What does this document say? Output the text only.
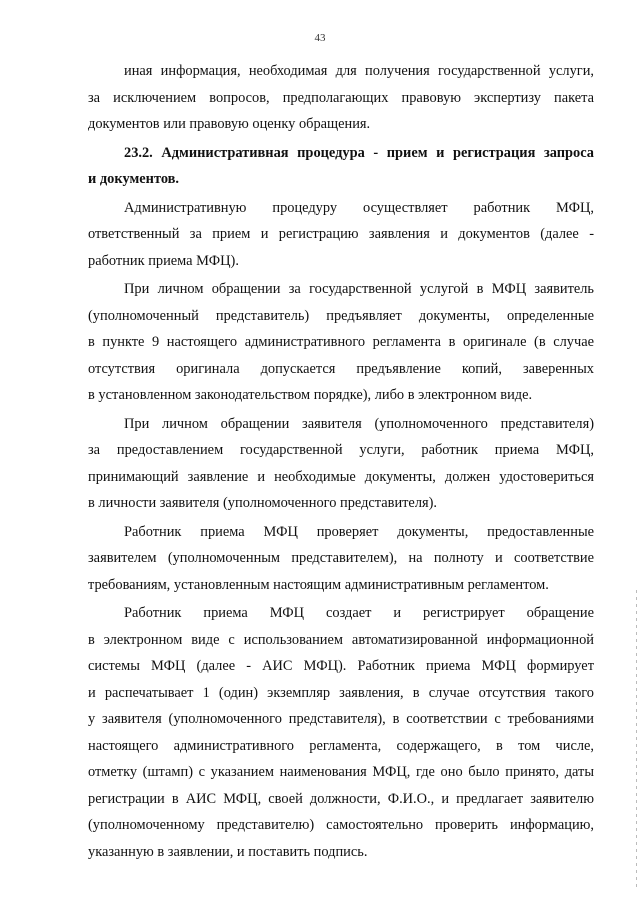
43
иная информация, необходимая для получения государственной услуги,
за исключением вопросов, предполагающих правовую экспертизу пакета
документов или правовую оценку обращения.
23.2. Административная процедура - прием и регистрация запроса
и документов.
Административную процедуру осуществляет работник МФЦ,
ответственный за прием и регистрацию заявления и документов (далее -
работник приема МФЦ).
При личном обращении за государственной услугой в МФЦ заявитель
(уполномоченный представитель) предъявляет документы, определенные
в пункте 9 настоящего административного регламента в оригинале (в случае
отсутствия оригинала допускается предъявление копий, заверенных
в установленном законодательством порядке), либо в электронном виде.
При личном обращении заявителя (уполномоченного представителя)
за предоставлением государственной услуги, работник приема МФЦ,
принимающий заявление и необходимые документы, должен удостовериться
в личности заявителя (уполномоченного представителя).
Работник приема МФЦ проверяет документы, предоставленные
заявителем (уполномоченным представителем), на полноту и соответствие
требованиям, установленным настоящим административным регламентом.
Работник приема МФЦ создает и регистрирует обращение
в электронном виде с использованием автоматизированной информационной
системы МФЦ (далее - АИС МФЦ). Работник приема МФЦ формирует
и распечатывает 1 (один) экземпляр заявления, в случае отсутствия такого
у заявителя (уполномоченного представителя), в соответствии с требованиями
настоящего административного регламента, содержащего, в том числе,
отметку (штамп) с указанием наименования МФЦ, где оно было принято, даты
регистрации в АИС МФЦ, своей должности, Ф.И.О., и предлагает заявителю
(уполномоченному представителю) самостоятельно проверить информацию,
указанную в заявлении, и поставить подпись.
